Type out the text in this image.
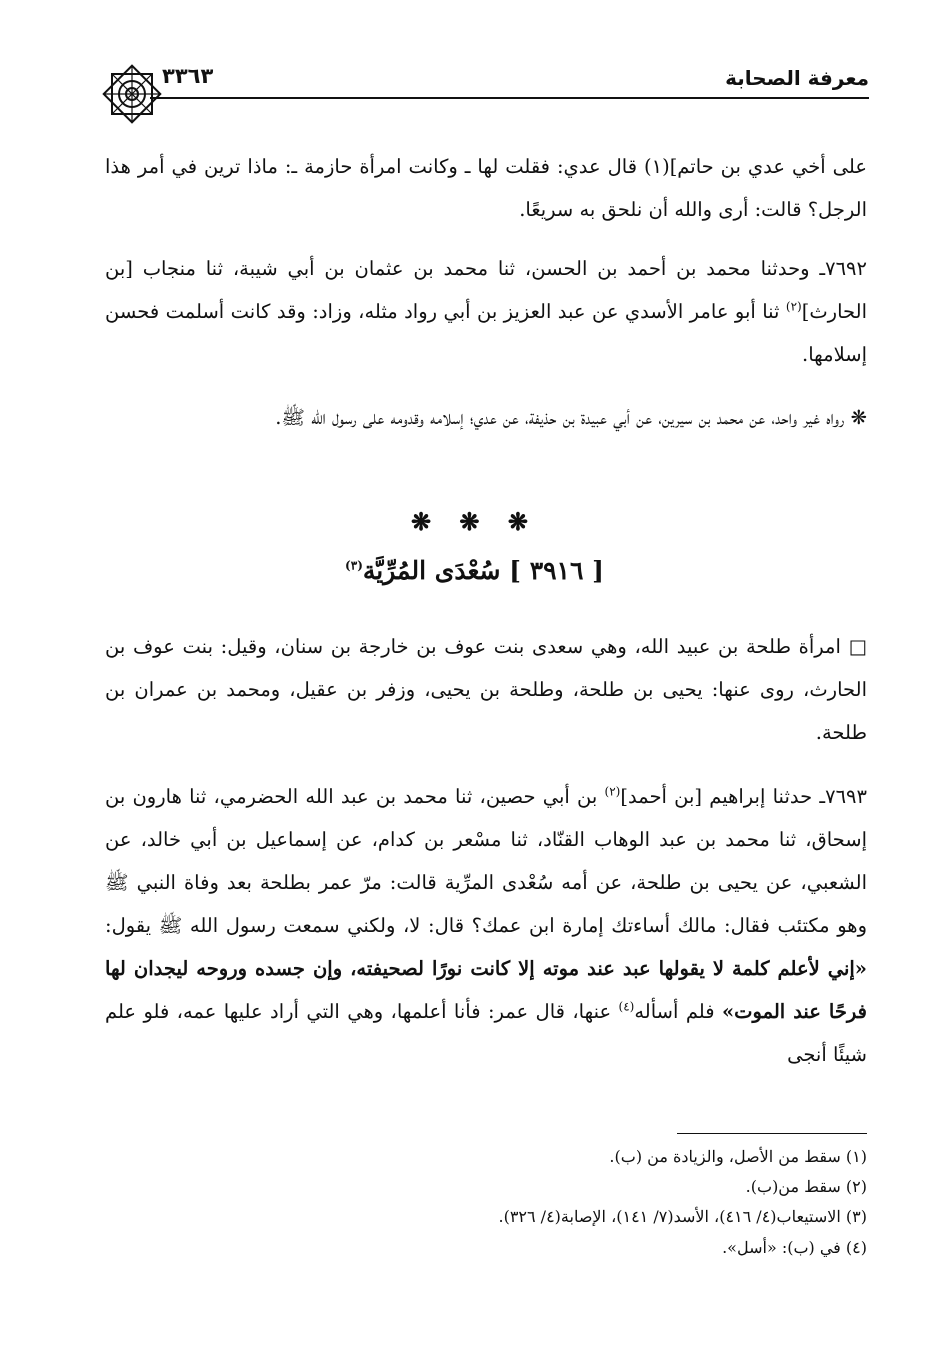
معرفة الصحابة
٣٣٦٣
على أخي عدي بن حاتم](١) قال عدي: فقلت لها ـ وكانت امرأة حازمة ـ: ماذا ترين في أمر هذا الرجل؟ قالت: أرى والله أن نلحق به سريعًا.
٧٦٩٢ـ وحدثنا محمد بن أحمد بن الحسن، ثنا محمد بن عثمان بن أبي شيبة، ثنا منجاب [بن الحارث]$^{(٢)}$ ثنا أبو عامر الأسدي عن عبد العزيز بن أبي رواد مثله، وزاد: وقد كانت أسلمت فحسن إسلامها.
❋ رواه غير واحد، عن محمد بن سيرين، عن أبي عبيدة بن حذيفة، عن عدي؛ إسلامه وقدومه على رسول الله ﷺ.
❋ ❋ ❋
[ ٣٩١٦ ] سُعْدَى المُرِّيَّة$^{(٣)}$
□ امرأة طلحة بن عبيد الله، وهي سعدى بنت عوف بن خارجة بن سنان، وقيل: بنت عوف بن الحارث، روى عنها: يحيى بن طلحة، وطلحة بن يحيى، وزفر بن عقيل، ومحمد بن عمران بن طلحة.
٧٦٩٣ـ حدثنا إبراهيم [بن أحمد]$^{(٢)}$ بن أبي حصين، ثنا محمد بن عبد الله الحضرمي، ثنا هارون بن إسحاق، ثنا محمد بن عبد الوهاب القنّاد، ثنا مسْعر بن كدام، عن إسماعيل بن أبي خالد، عن الشعبي، عن يحيى بن طلحة، عن أمه سُعْدى المرِّية قالت: مرّ عمر بطلحة بعد وفاة النبي ﷺ وهو مكتئب فقال: مالك أساءتك إمارة ابن عمك؟ قال: لا، ولكني سمعت رسول الله ﷺ يقول: «إني لأعلم كلمة لا يقولها عبد عند موته إلا كانت نورًا لصحيفته، وإن جسده وروحه ليجدان لها فرحًا عند الموت» فلم أسأله$^{(٤)}$ عنها، قال عمر: فأنا أعلمها، وهي التي أراد عليها عمه، فلو علم شيئًا أنجى
(١) سقط من الأصل، والزيادة من (ب).
(٢) سقط من(ب).
(٣) الاستيعاب(٤/ ٤١٦)، الأسد(٧/ ١٤١)، الإصابة(٤/ ٣٢٦).
(٤) في (ب): «أسل».
